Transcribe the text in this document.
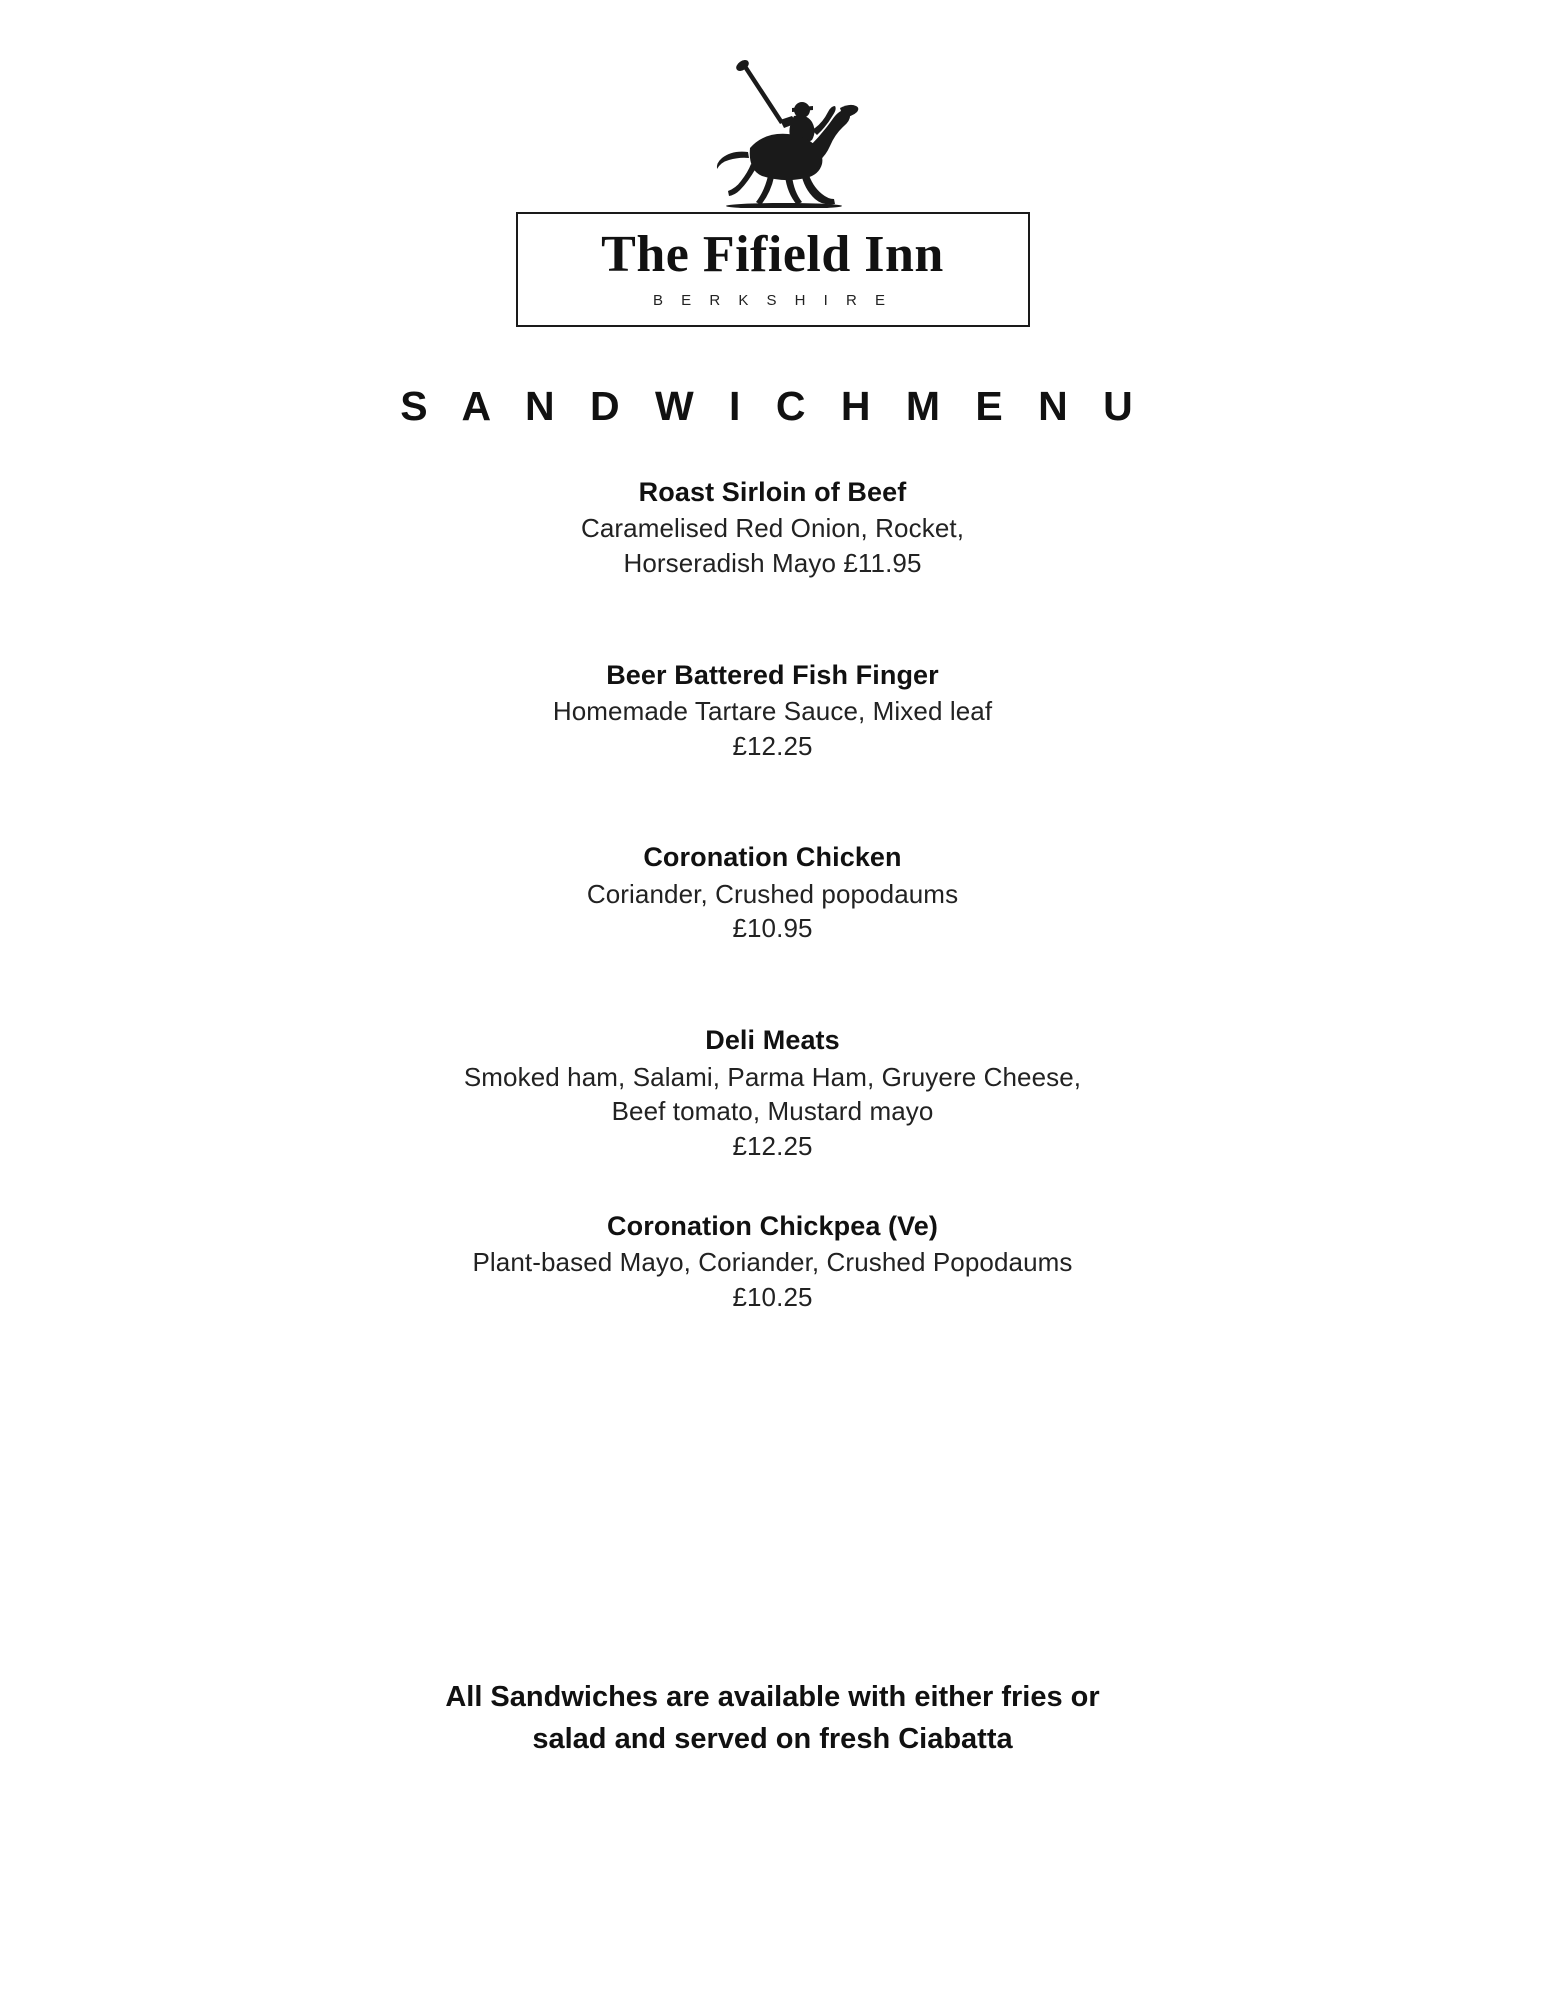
The Fifield Inn
B E R K S H I R E
S A N D W I C H M E N U
Roast Sirloin of Beef
Caramelised Red Onion, Rocket,
Horseradish Mayo £11.95
Beer Battered Fish Finger
Homemade Tartare Sauce, Mixed leaf
£12.25
Coronation Chicken
Coriander, Crushed popodaums
£10.95
Deli Meats
Smoked ham, Salami, Parma Ham, Gruyere Cheese,
Beef tomato, Mustard mayo
£12.25
Coronation Chickpea (Ve)
Plant-based Mayo, Coriander, Crushed Popodaums
£10.25
All Sandwiches are available with either fries or
salad and served on fresh Ciabatta
